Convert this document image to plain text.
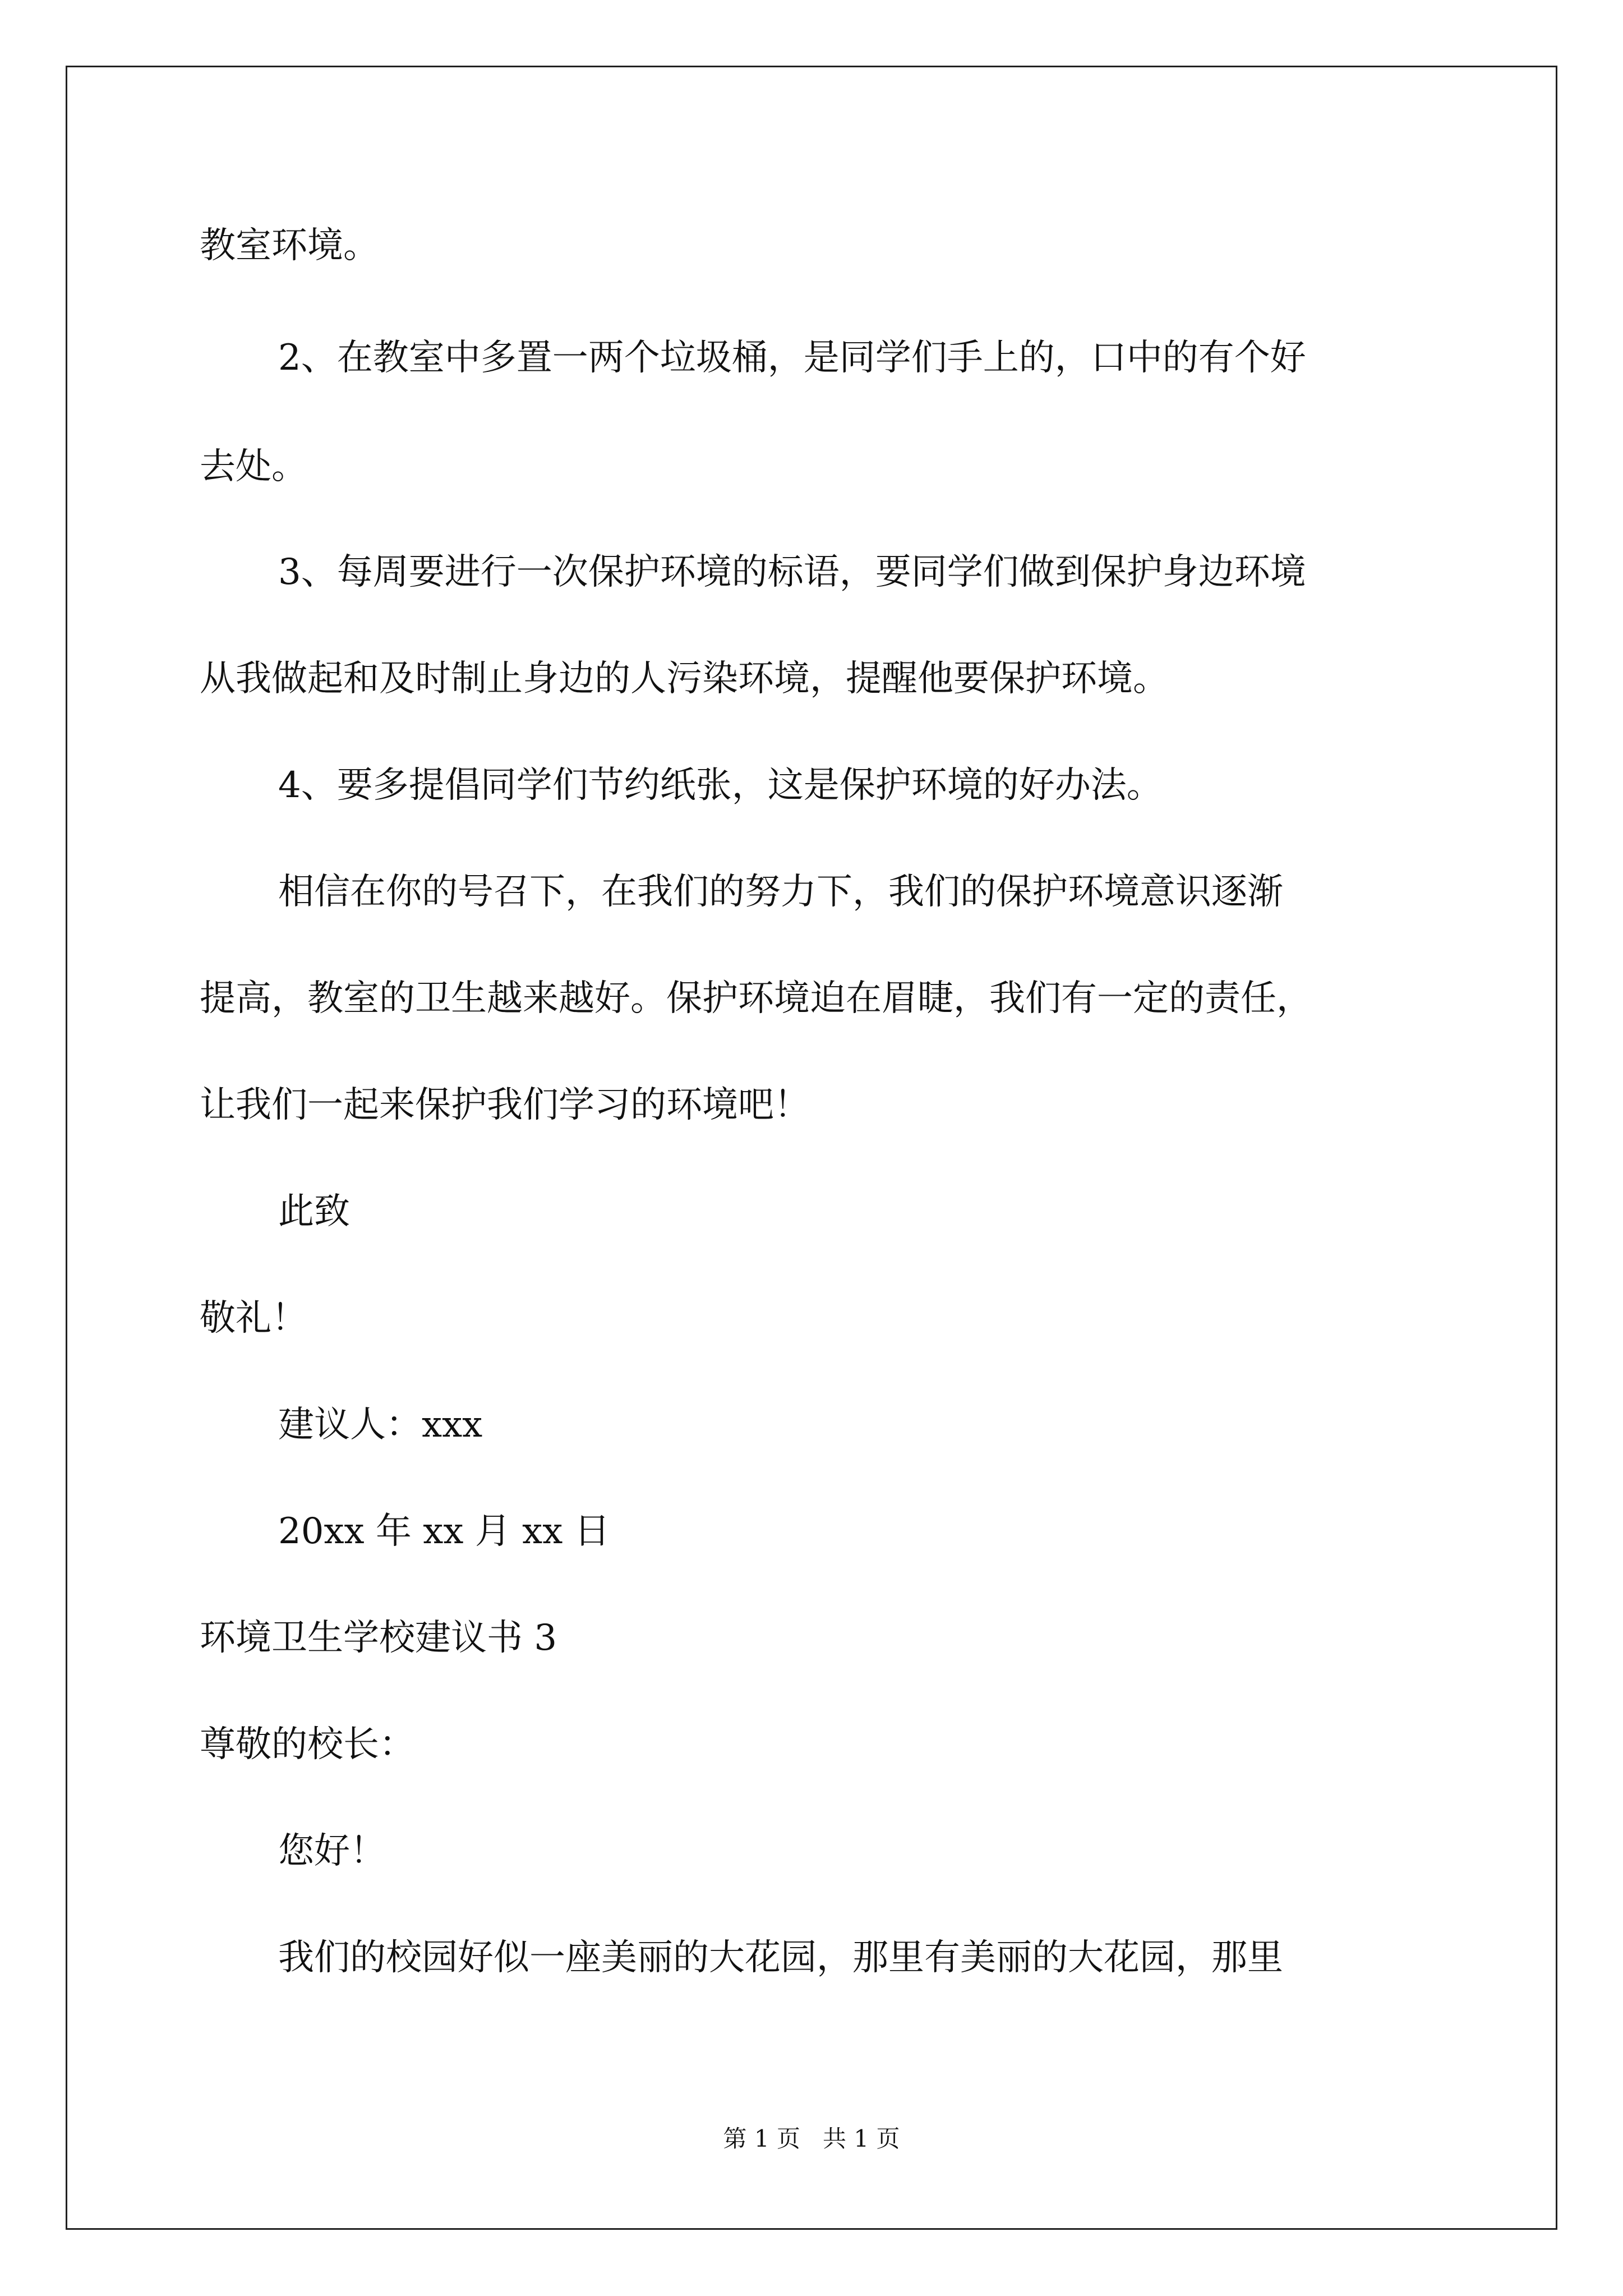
教室环境。

2、在教室中多置一两个垃圾桶，是同学们手上的，口中的有个好

去处。

3、每周要进行一次保护环境的标语，要同学们做到保护身边环境

从我做起和及时制止身边的人污染环境，提醒他要保护环境。

4、要多提倡同学们节约纸张，这是保护环境的好办法。

相信在你的号召下，在我们的努力下，我们的保护环境意识逐渐

提高，教室的卫生越来越好。保护环境迫在眉睫，我们有一定的责任，

让我们一起来保护我们学习的环境吧！

此致

敬礼！

建议人：xxx

20xx 年 xx 月 xx 日

环境卫生学校建议书 3

尊敬的校长：

您好！

我们的校园好似一座美丽的大花园，那里有美丽的大花园，那里

第 1 页   共 1 页
